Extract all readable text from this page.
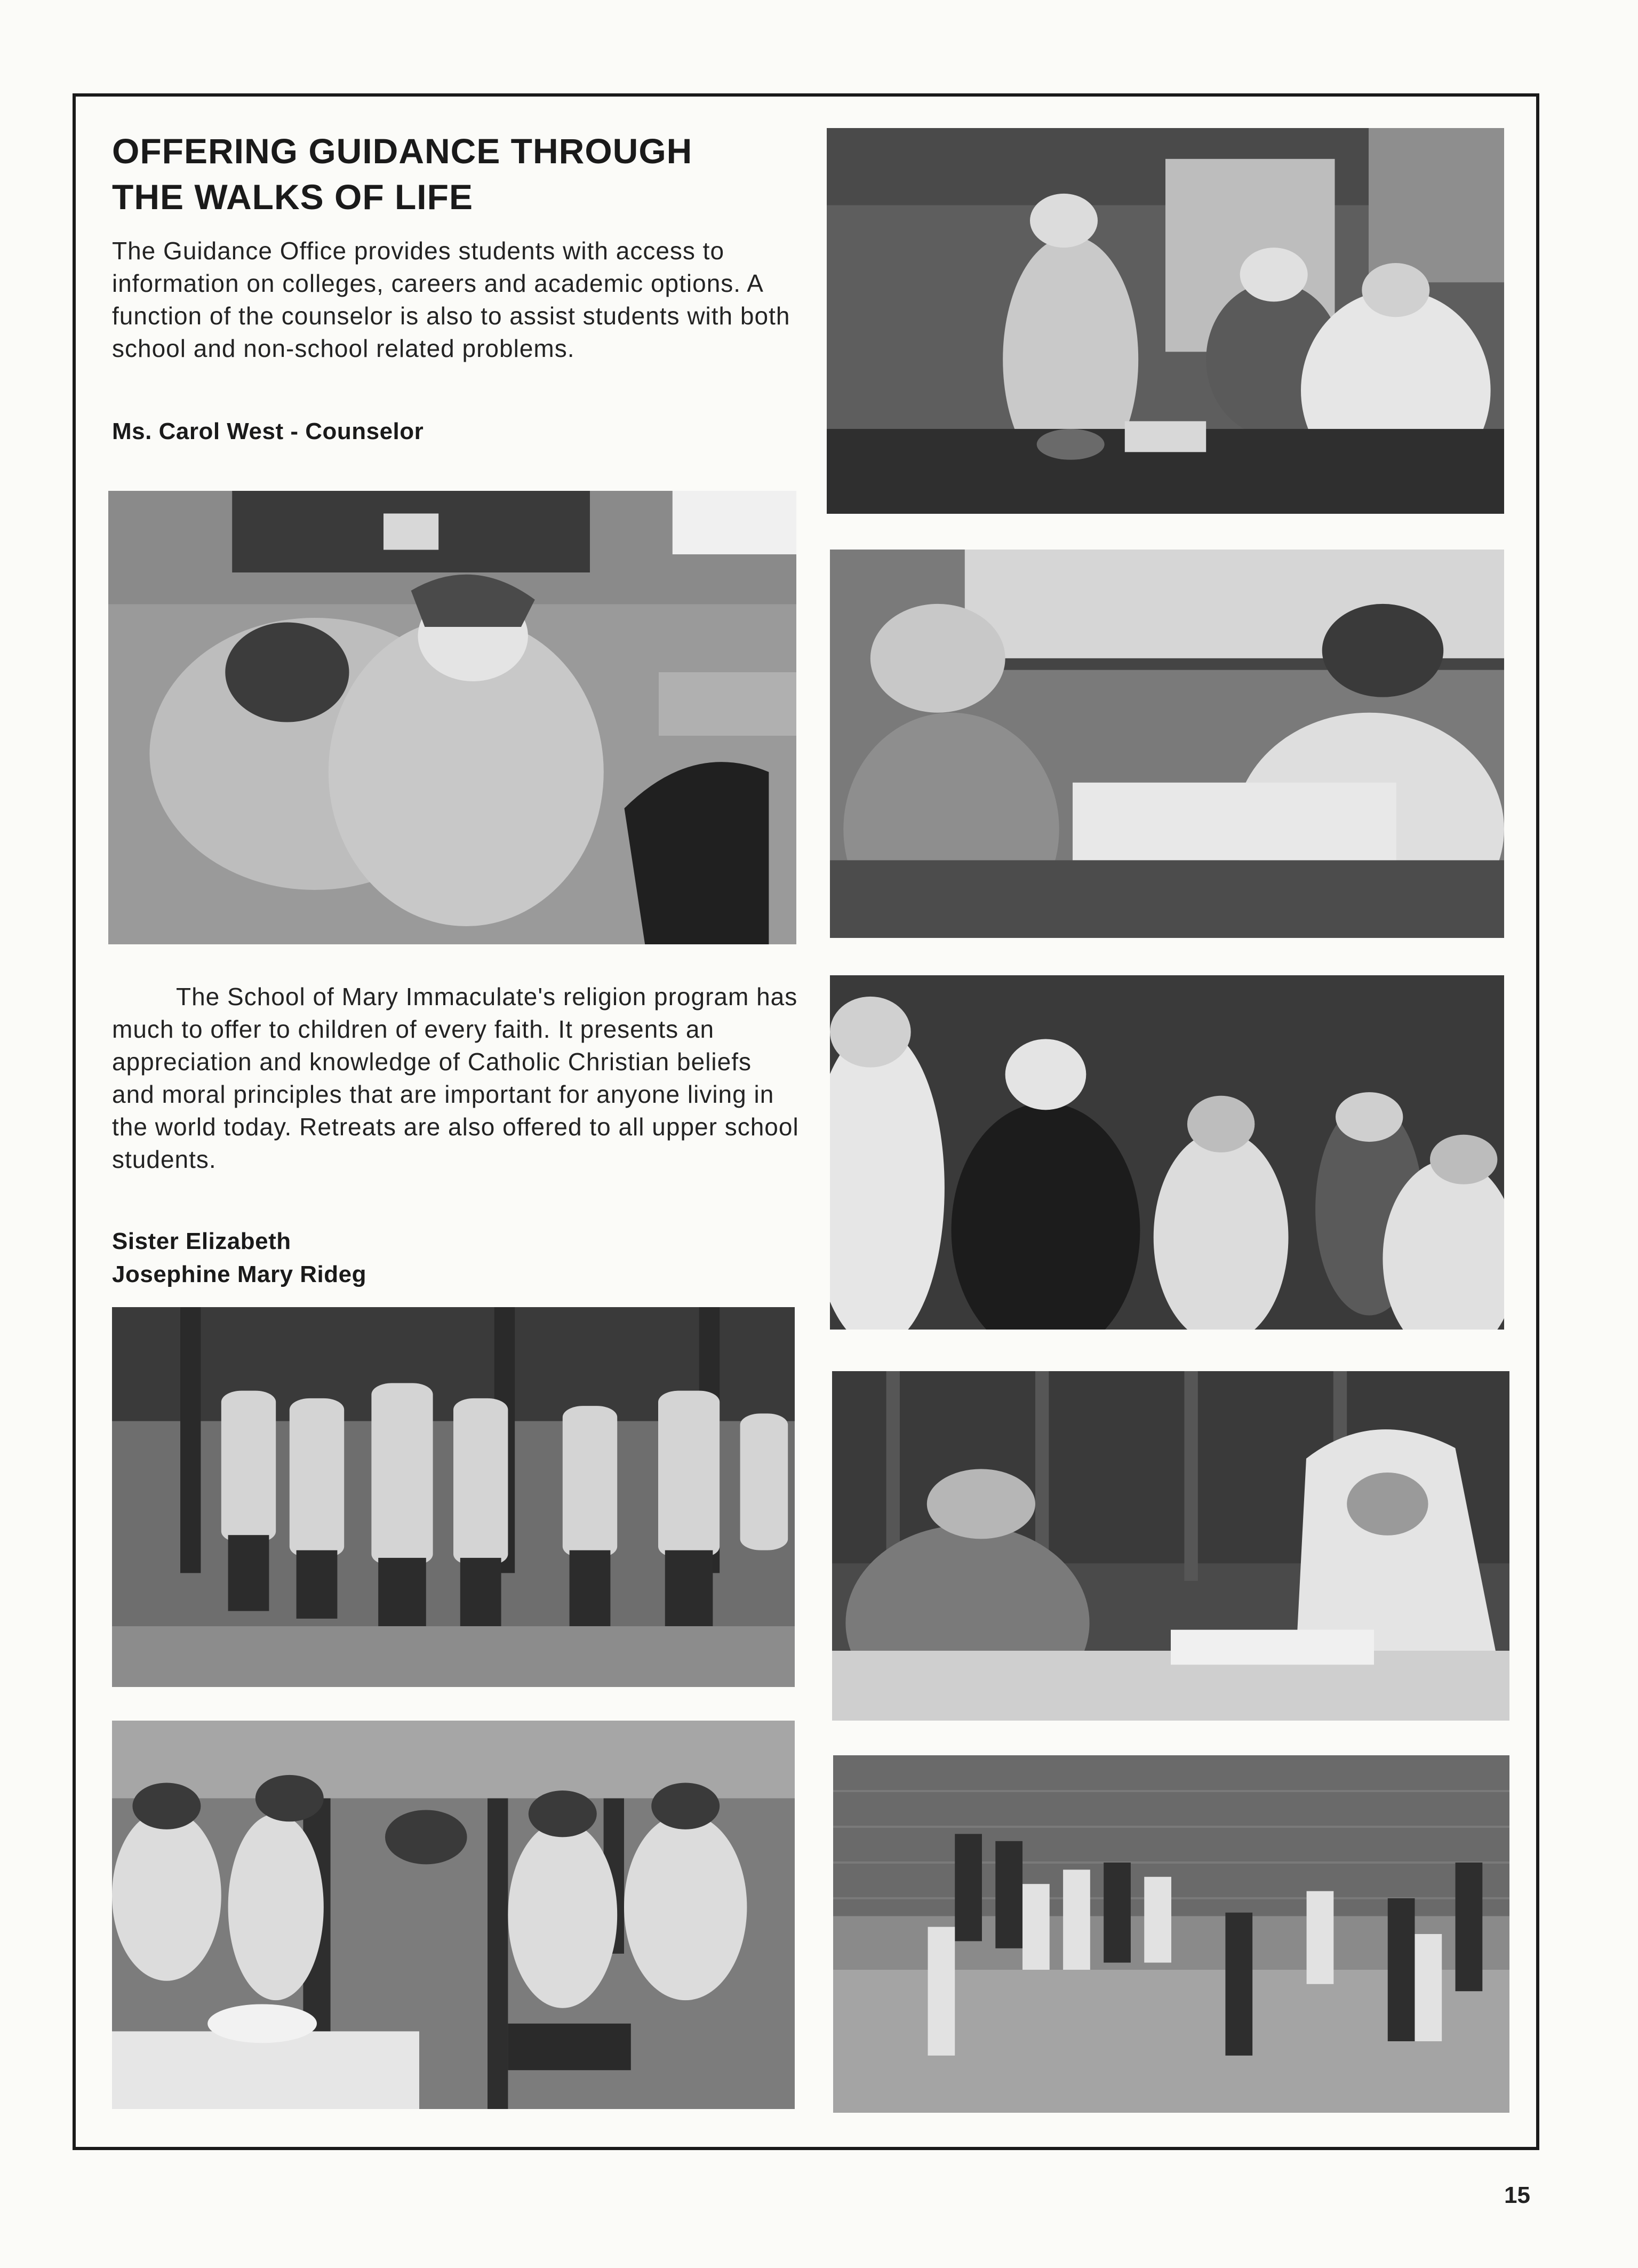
OFFERING GUIDANCE THROUGH
THE WALKS OF LIFE

The Guidance Office provides students with access to information on colleges, careers and academic options. A function of the counselor is also to assist students with both school and non-school related problems.

Ms. Carol West - Counselor

The School of Mary Immaculate's religion program has much to offer to children of every faith. It presents an appreciation and knowledge of Catholic Christian beliefs and moral principles that are important for anyone living in the world today. Retreats are also offered to all upper school students.

Sister Elizabeth
Josephine Mary Rideg

15
